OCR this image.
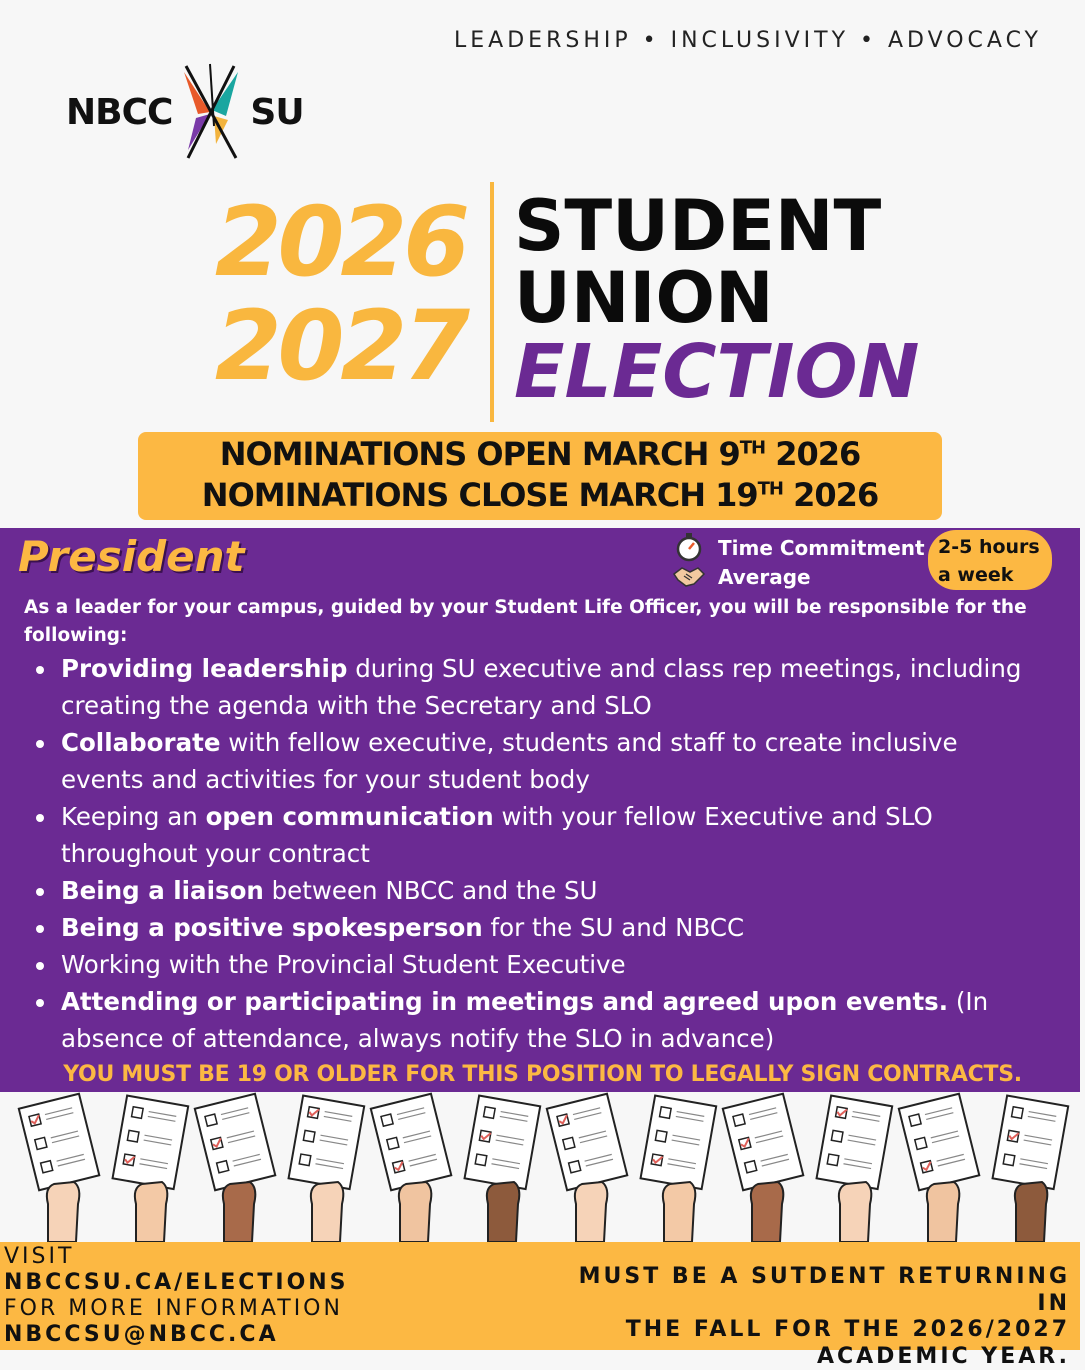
LEADERSHIP • INCLUSIVITY • ADVOCACY
NBCC SU
2026
2027
STUDENT
UNION
ELECTION
NOMINATIONS OPEN MARCH 9TH 2026
NOMINATIONS CLOSE MARCH 19TH 2026
President	Time Commitment
Average
2-5 hours
a week
As a leader for your campus, guided by your Student Life Officer, you will be responsible for the following:
Providing leadership during SU executive and class rep meetings, including creating the agenda with the Secretary and SLO
Collaborate with fellow executive, students and staff to create inclusive events and activities for your student body
Keeping an open communication with your fellow Executive and SLO throughout your contract
Being a liaison between NBCC and the SU
Being a positive spokesperson for the SU and NBCC
Working with the Provincial Student Executive
Attending or participating in meetings and agreed upon events. (In absence of attendance, always notify the SLO in advance)
YOU MUST BE 19 OR OLDER FOR THIS POSITION TO LEGALLY SIGN CONTRACTS.
VISIT
NBCCSU.CA/ELECTIONS
FOR MORE INFORMATION
NBCCSU@NBCC.CA
MUST BE A SUTDENT RETURNING IN
THE FALL FOR THE 2026/2027
ACADEMIC YEAR.
